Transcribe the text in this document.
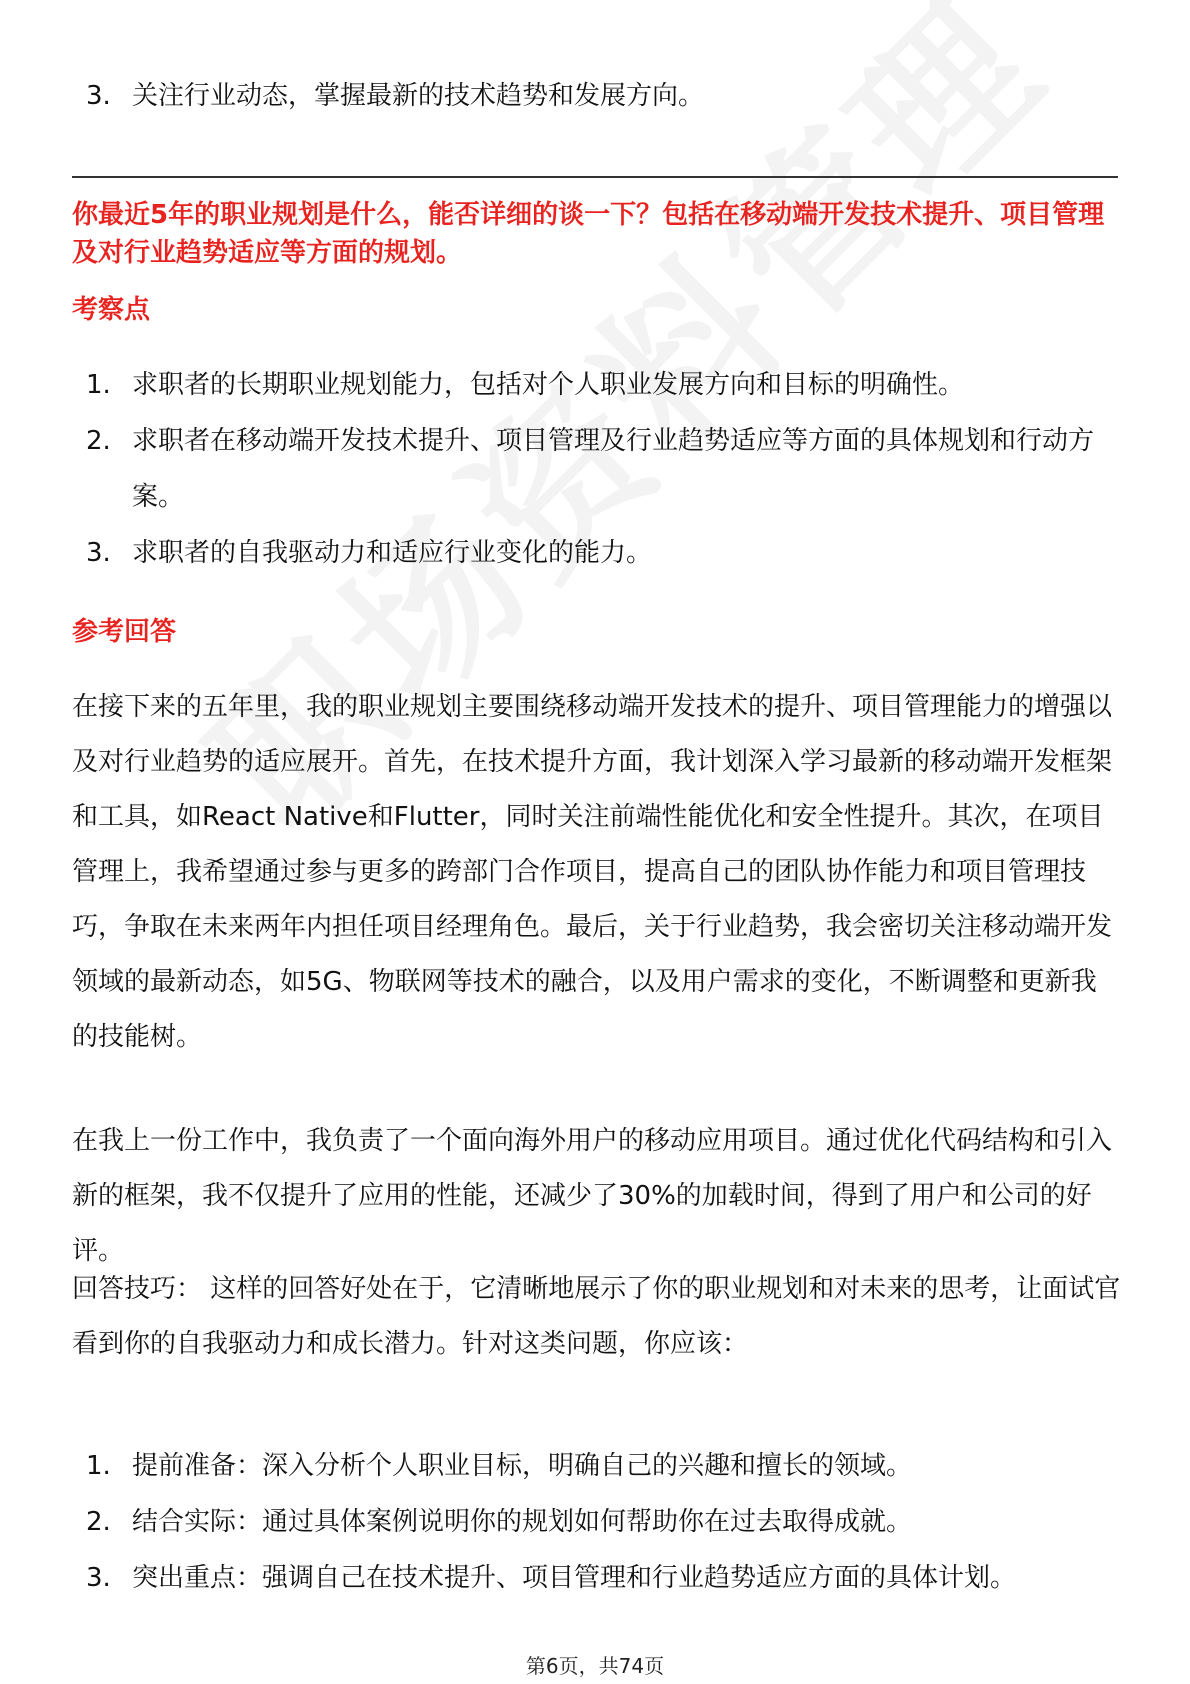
3. 关注行业动态，掌握最新的技术趋势和发展方向。
你最近5年的职业规划是什么，能否详细的谈一下？包括在移动端开发技术提升、项目管理及对行业趋势适应等方面的规划。
考察点
1. 求职者的长期职业规划能力，包括对个人职业发展方向和目标的明确性。
2. 求职者在移动端开发技术提升、项目管理及行业趋势适应等方面的具体规划和行动方案。
3. 求职者的自我驱动力和适应行业变化的能力。
参考回答

在接下来的五年里，我的职业规划主要围绕移动端开发技术的提升、项目管理能力的增强以及对行业趋势的适应展开。首先，在技术提升方面，我计划深入学习最新的移动端开发框架和工具，如React Native和Flutter，同时关注前端性能优化和安全性提升。其次，在项目管理上，我希望通过参与更多的跨部门合作项目，提高自己的团队协作能力和项目管理技巧，争取在未来两年内担任项目经理角色。最后，关于行业趋势，我会密切关注移动端开发领域的最新动态，如5G、物联网等技术的融合，以及用户需求的变化，不断调整和更新我的技能树。

在我上一份工作中，我负责了一个面向海外用户的移动应用项目。通过优化代码结构和引入新的框架，我不仅提升了应用的性能，还减少了30%的加载时间，得到了用户和公司的好评。

回答技巧： 这样的回答好处在于，它清晰地展示了你的职业规划和对未来的思考，让面试官看到你的自我驱动力和成长潜力。针对这类问题，你应该：

1. 提前准备：深入分析个人职业目标，明确自己的兴趣和擅长的领域。
2. 结合实际：通过具体案例说明你的规划如何帮助你在过去取得成就。
3. 突出重点：强调自己在技术提升、项目管理和行业趋势适应方面的具体计划。
第6页，共74页
